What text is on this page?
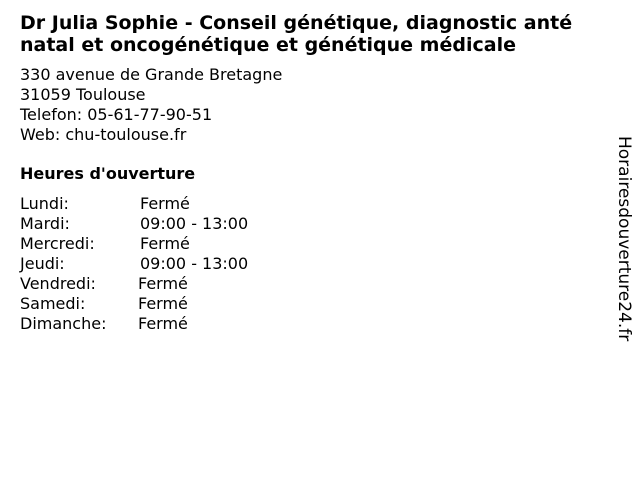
Dr Julia Sophie - Conseil génétique, diagnostic anté natal et oncogénétique et génétique médicale
330 avenue de Grande Bretagne
31059 Toulouse
Telefon: 05-61-77-90-51
Web: chu-toulouse.fr
Heures d'ouverture
Lundi:	Fermé
Mardi:	09:00 - 13:00
Mercredi:	Fermé
Jeudi:	09:00 - 13:00
Vendredi:	Fermé
Samedi:	Fermé
Dimanche:	Fermé	Horairesdouverture24.fr
